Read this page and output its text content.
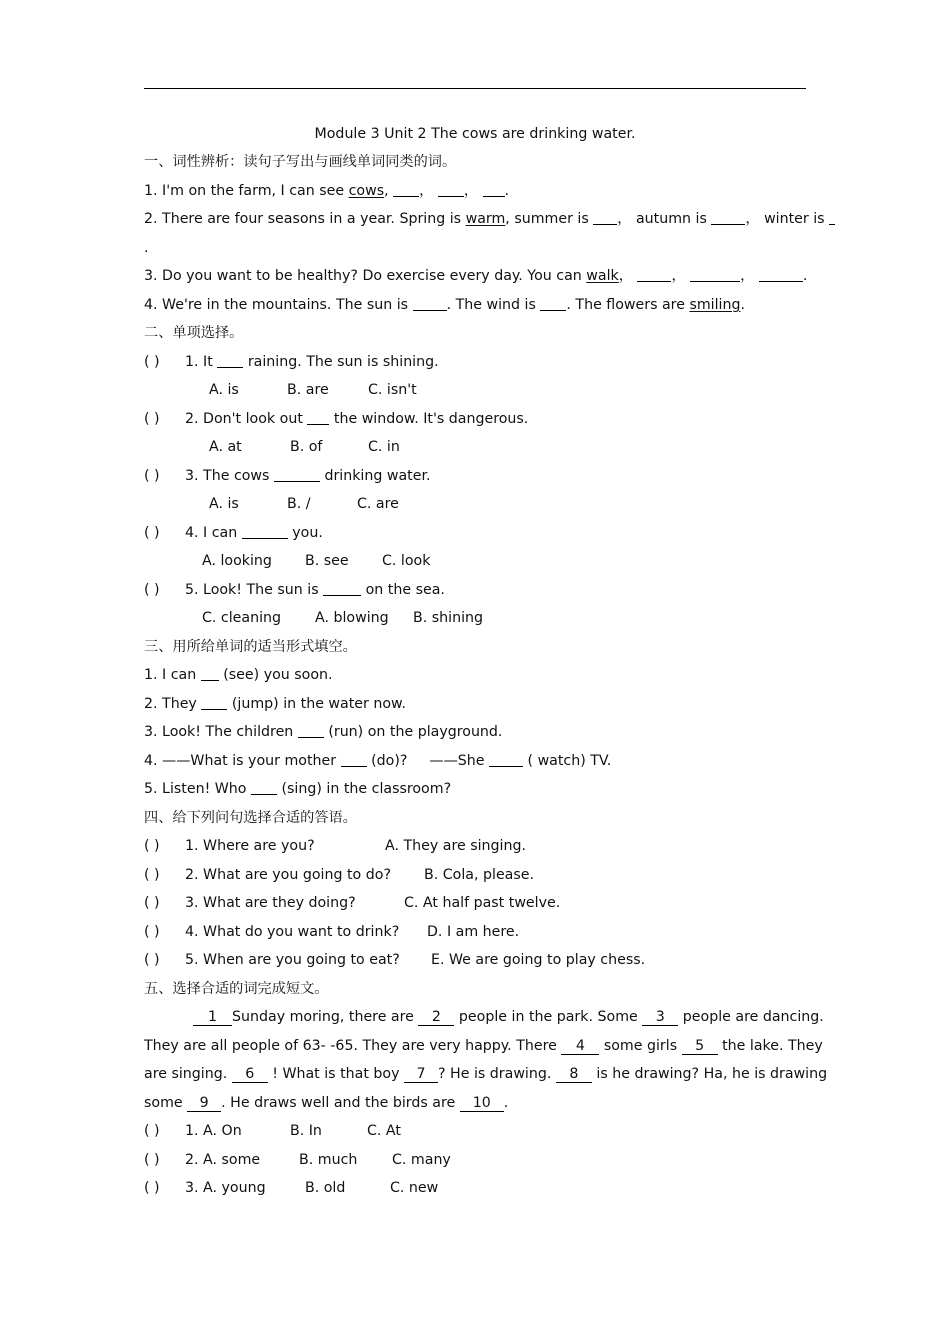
Module 3 Unit 2 The cows are drinking water.
一、词性辨析：读句子写出与画线单词同类的词。
1. I'm on the farm, I can see cows, ， ， .
2. There are four seasons in a year. Spring is warm, summer is ， autumn is ， winter is
.
3. Do you want to be healthy? Do exercise every day. You can walk， ，	，	.
4. We're in the mountains. The sun is . The wind is . The flowers are smiling.
二、单项选择。
( ) 1. It  raining. The sun is shining.
A. is	B. are	C. isn't
( ) 2. Don't look out  the window. It's dangerous.
A. at	B. of	C. in
( ) 3. The cows	drinking water.
A. is	B. /	C. are
( ) 4. I can	you.
A. looking B. see C. look
( ) 5. Look! The sun is	on the sea.
C. cleaning A. blowing B. shining
三、用所给单词的适当形式填空。
1. I can  (see) you soon.
2. They  (jump) in the water now.
3. Look! The children  (run) on the playground.
4. ——What is your mother  (do)? ——She  ( watch) TV.
5. Listen! Who  (sing) in the classroom?
四、给下列问句选择合适的答语。
( ) 1. Where are you?	A. They are singing.
( ) 2. What are you going to do? B. Cola, please.
( ) 3. What are they doing?	C. At half past twelve.
( ) 4. What do you want to drink? D. I am here.
( ) 5. When are you going to eat? E. We are going to play chess.
五、选择合适的词完成短文。
1 Sunday moring, there are 2 people in the park. Some 3 people are dancing.
They are all people of 63- -65. They are very happy. There 4 some girls 5 the lake. They
are singing. 6 ! What is that boy 7 ? He is drawing. 8 is he drawing? Ha, he is drawing
some 9 . He draws well and the birds are 10 .
( ) 1. A. On	B. In	C. At
( ) 2. A. some	B. much C. many
( ) 3. A. young	B. old	C. new
